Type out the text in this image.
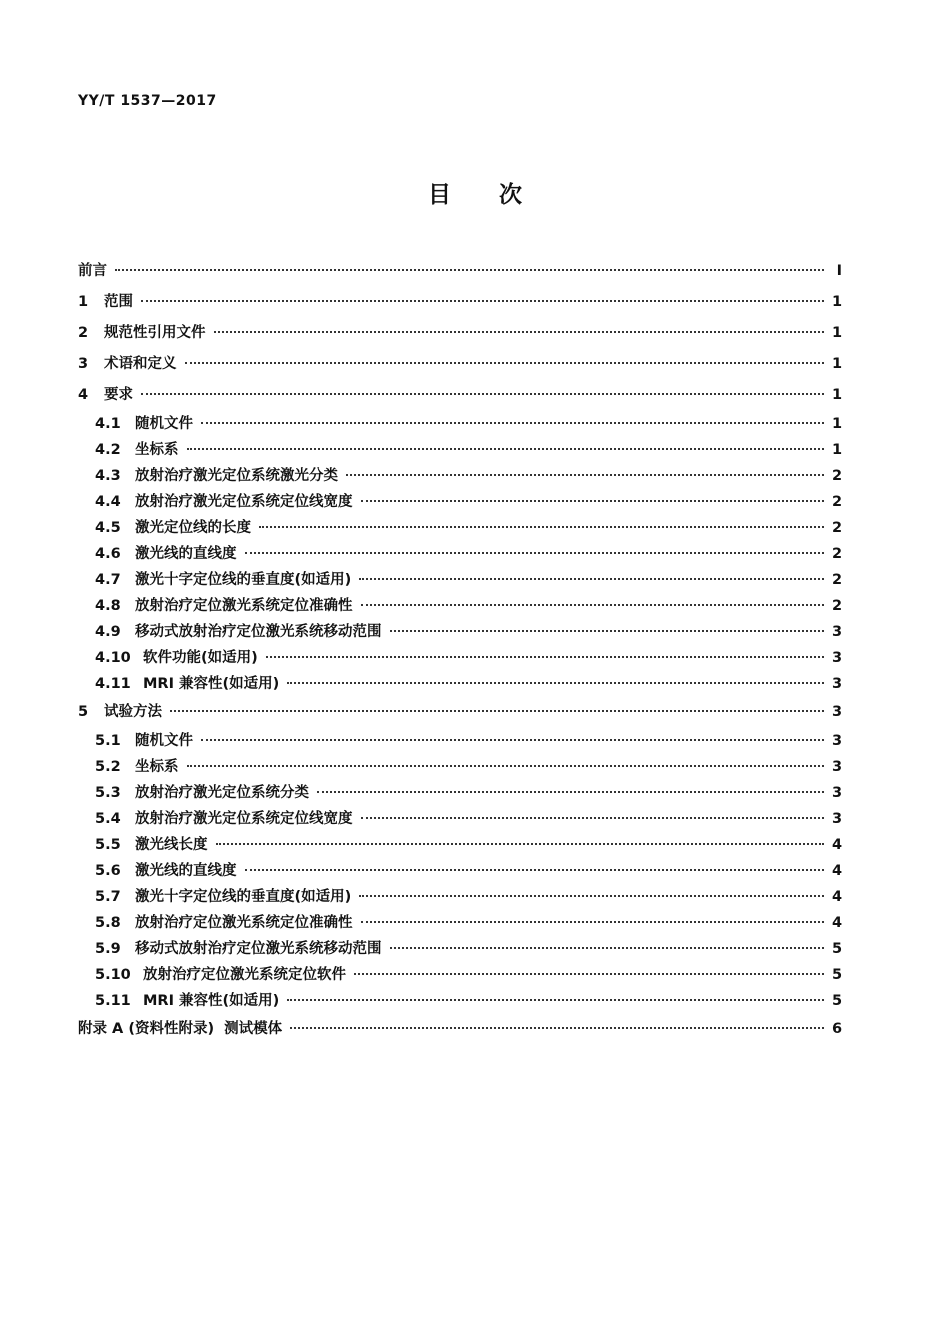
YY/T 1537—2017
目 次
前言	I
1	范围	1
2	规范性引用文件	1
3	术语和定义	1
4	要求	1
4.1 随机文件	1
4.2 坐标系	1
4.3 放射治疗激光定位系统激光分类	2
4.4 放射治疗激光定位系统定位线宽度	2
4.5 激光定位线的长度	2
4.6 激光线的直线度	2
4.7 激光十字定位线的垂直度(如适用)	2
4.8 放射治疗定位激光系统定位准确性	2
4.9 移动式放射治疗定位激光系统移动范围	3
4.10 软件功能(如适用)	3
4.11 MRI 兼容性(如适用)	3
5	试验方法	3
5.1 随机文件	3
5.2 坐标系	3
5.3 放射治疗激光定位系统分类	3
5.4 放射治疗激光定位系统定位线宽度	3
5.5 激光线长度	4
5.6 激光线的直线度	4
5.7 激光十字定位线的垂直度(如适用)	4
5.8 放射治疗定位激光系统定位准确性	4
5.9 移动式放射治疗定位激光系统移动范围	5
5.10 放射治疗定位激光系统定位软件	5
5.11 MRI 兼容性(如适用)	5
附录 A (资料性附录)  测试模体	6
